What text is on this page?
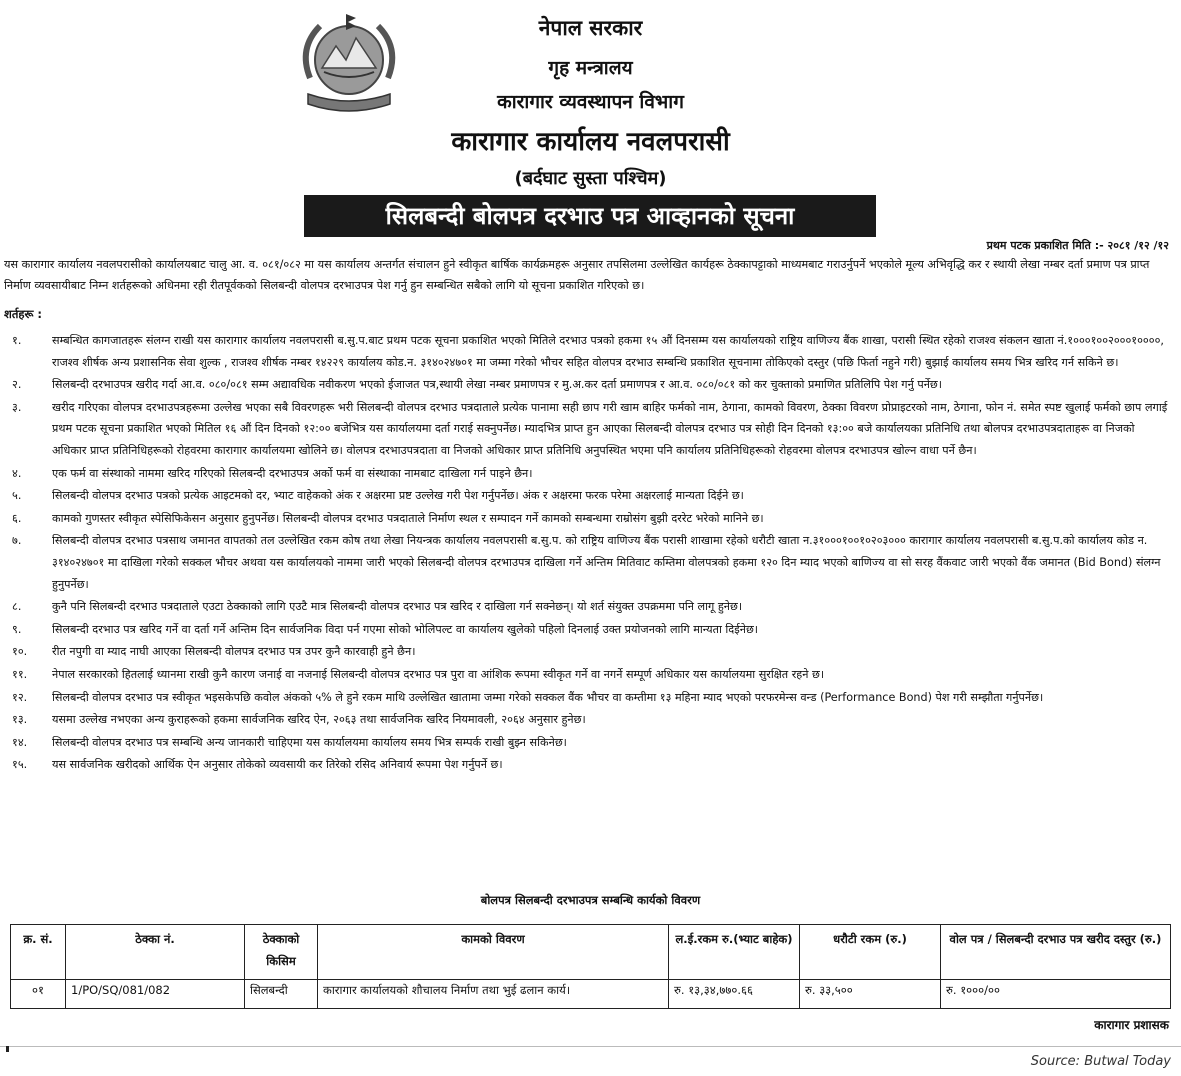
नेपाल सरकार
गृह मन्त्रालय
कारागार व्यवस्थापन विभाग
कारागार कार्यालय नवलपरासी
(बर्दघाट सुस्ता पश्चिम)
सिलबन्दी बोलपत्र दरभाउ पत्र आव्हानको सूचना
प्रथम पटक प्रकाशित मिति :- २०८१ /१२ /१२
यस कारागार कार्यालय नवलपरासीको कार्यालयबाट चालु आ. व. ०८१/०८२ मा यस कार्यालय अन्तर्गत संचालन हुने स्वीकृत बार्षिक कार्यक्रमहरू अनुसार तपसिलमा उल्लेखित कार्यहरू ठेक्कापट्टाको माध्यमबाट गराउर्नुपर्ने भएकोले मूल्य अभिवृद्धि कर र स्थायी लेखा नम्बर दर्ता प्रमाण पत्र प्राप्त निर्माण व्यवसायीबाट निम्न शर्तहरूको अधिनमा रही रीतपूर्वकको सिलबन्दी वोलपत्र दरभाउपत्र पेश गर्नु हुन सम्बन्धित सबैको लागि यो सूचना प्रकाशित गरिएको छ।
शर्तहरू :
१.	सम्बन्धित कागजातहरू संलग्न राखी यस कारागार कार्यालय नवलपरासी ब.सु.प.बाट प्रथम पटक सूचना प्रकाशित भएको मितिले दरभाउ पत्रको हकमा १५ औं दिनसम्म यस कार्यालयको राष्ट्रिय वाणिज्य बैंक शाखा, परासी स्थित रहेको राजश्व संकलन खाता नं.१०००१००२०००१००००, राजश्व शीर्षक अन्य प्रशासनिक सेवा शुल्क , राजश्व शीर्षक नम्बर १४२२९ कार्यालय कोड.न. ३१४०२४७०१ मा जम्मा गरेको भौचर सहित वोलपत्र दरभाउ सम्बन्धि प्रकाशित सूचनामा तोकिएको दस्तुर (पछि फिर्ता नहुने गरी) बुझाई कार्यालय समय भित्र खरिद गर्न सकिने छ।
२.	सिलबन्दी दरभाउपत्र खरीद गर्दा आ.व. ०८०/०८१ सम्म अद्यावधिक नवीकरण भएको ईजाजत पत्र,स्थायी लेखा नम्बर प्रमाणपत्र र मु.अ.कर दर्ता प्रमाणपत्र र आ.व. ०८०/०८१ को कर चुक्ताको प्रमाणित प्रतिलिपि पेश गर्नु पर्नेछ।
३.	खरीद गरिएका वोलपत्र दरभाउपत्रहरूमा उल्लेख भएका सबै विवरणहरू भरी सिलबन्दी वोलपत्र दरभाउ पत्रदाताले प्रत्येक पानामा सही छाप गरी खाम बाहिर फर्मको नाम, ठेगाना, कामको विवरण, ठेक्का विवरण प्रोप्राइटरको नाम, ठेगाना, फोन नं. समेत स्पष्ट खुलाई फर्मको छाप लगाई प्रथम पटक सूचना प्रकाशित भएको मितिल १६ औं दिन दिनको १२:०० बजेभित्र यस कार्यालयमा दर्ता गराई सक्नुपर्नेछ। म्यादभित्र प्राप्त हुन आएका सिलबन्दी वोलपत्र दरभाउ पत्र सोही दिन दिनको १३:०० बजे कार्यालयका प्रतिनिधि तथा बोलपत्र दरभाउपत्रदाताहरू वा निजको अधिकार प्राप्त प्रतिनिधिहरूको रोहवरमा कारागार कार्यालयमा खोलिने छ। वोलपत्र दरभाउपत्रदाता वा निजको अधिकार प्राप्त प्रतिनिधि अनुपस्थित भएमा पनि कार्यालय प्रतिनिधिहरूको रोहवरमा वोलपत्र दरभाउपत्र खोल्न वाधा पर्ने छैन।
४.	एक फर्म वा संस्थाको नाममा खरिद गरिएको सिलबन्दी दरभाउपत्र अर्को फर्म वा संस्थाका नामबाट दाखिला गर्न पाइने छैन।
५.	सिलबन्दी वोलपत्र दरभाउ पत्रको प्रत्येक आइटमको दर, भ्याट वाहेकको अंक र अक्षरमा प्रष्ट उल्लेख गरी पेश गर्नुपर्नेछ। अंक र अक्षरमा फरक परेमा अक्षरलाई मान्यता दिईने छ।
६.	कामको गुणस्तर स्वीकृत स्पेसिफिकेसन अनुसार हुनुपर्नेछ। सिलबन्दी वोलपत्र दरभाउ पत्रदाताले निर्माण स्थल र सम्पादन गर्ने कामको सम्बन्धमा राम्रोसंग बुझी दररेट भरेको मानिने छ।
७.	सिलबन्दी वोलपत्र दरभाउ पत्रसाथ जमानत वापतको तल उल्लेखित रकम कोष तथा लेखा नियन्त्रक कार्यालय नवलपरासी ब.सु.प. को राष्ट्रिय वाणिज्य बैंक परासी शाखामा रहेको धरौटी खाता न.३१०००१००१०२०३००० कारागार कार्यालय नवलपरासी ब.सु.प.को कार्यालय कोड न. ३१४०२४७०१ मा दाखिला गरेको सक्कल भौचर अथवा यस कार्यालयको नाममा जारी भएको सिलबन्दी वोलपत्र दरभाउपत्र दाखिला गर्ने अन्तिम मितिवाट कम्तिमा वोलपत्रको हकमा १२० दिन म्याद भएको बाणिज्य वा सो सरह वैंकवाट जारी भएको वैंक जमानत (Bid Bond) संलग्न हुनुपर्नेछ।
८.	कुनै पनि सिलबन्दी दरभाउ पत्रदाताले एउटा ठेक्काको लागि एउटै मात्र सिलबन्दी वोलपत्र दरभाउ पत्र खरिद र दाखिला गर्न सक्नेछन्। यो शर्त संयुक्त उपक्रममा पनि लागू हुनेछ।
९.	सिलबन्दी दरभाउ पत्र खरिद गर्ने वा दर्ता गर्ने अन्तिम दिन सार्वजनिक विदा पर्न गएमा सोको भोलिपल्ट वा कार्यालय खुलेको पहिलो दिनलाई उक्त प्रयोजनको लागि मान्यता दिईनेछ।
१०. रीत नपुगी वा म्याद नाघी आएका सिलबन्दी वोलपत्र दरभाउ पत्र उपर कुनै कारवाही हुने छैन।
११. नेपाल सरकारको हितलाई ध्यानमा राखी कुनै कारण जनाई वा नजनाई सिलबन्दी वोलपत्र दरभाउ पत्र पुरा वा आंशिक रूपमा स्वीकृत गर्ने वा नगर्ने सम्पूर्ण अधिकार यस कार्यालयमा सुरक्षित रहने छ।
१२. सिलबन्दी वोलपत्र दरभाउ पत्र स्वीकृत भइसकेपछि कवोल अंकको ५% ले हुने रकम माथि उल्लेखित खातामा जम्मा गरेको सक्कल वैंक भौचर वा कम्तीमा १३ महिना म्याद भएको परफरमेन्स वन्ड (Performance Bond) पेश गरी सम्झौता गर्नुपर्नेछ।
१३. यसमा उल्लेख नभएका अन्य कुराहरूको हकमा सार्वजनिक खरिद ऐन, २०६३ तथा सार्वजनिक खरिद नियमावली, २०६४ अनुसार हुनेछ।
१४. सिलबन्दी वोलपत्र दरभाउ पत्र सम्बन्धि अन्य जानकारी चाहिएमा यस कार्यालयमा कार्यालय समय भित्र सम्पर्क राखी बुझ्न सकिनेछ।
१५. यस सार्वजनिक खरीदको आर्थिक ऐन अनुसार तोकेको व्यवसायी कर तिरेको रसिद अनिवार्य रूपमा पेश गर्नुपर्ने छ।
बोलपत्र सिलबन्दी दरभाउपत्र सम्बन्धि कार्यको विवरण
क्र. सं.	ठेक्का नं.	ठेक्काको किसिम	कामको विवरण	ल.ई.रकम रु.(भ्याट बाहेक)	धरौटी रकम (रु.)	वोल पत्र / सिलबन्दी दरभाउ पत्र खरीद दस्तुर (रु.)
०१	1/PO/SQ/081/082	सिलबन्दी	कारागार कार्यालयको शौचालय निर्माण तथा भुई ढलान कार्य।	रु. १३,३४,७७०.६६	रु. ३३,५००	रु. १०००/००
कारागार प्रशासक
Source: Butwal Today
